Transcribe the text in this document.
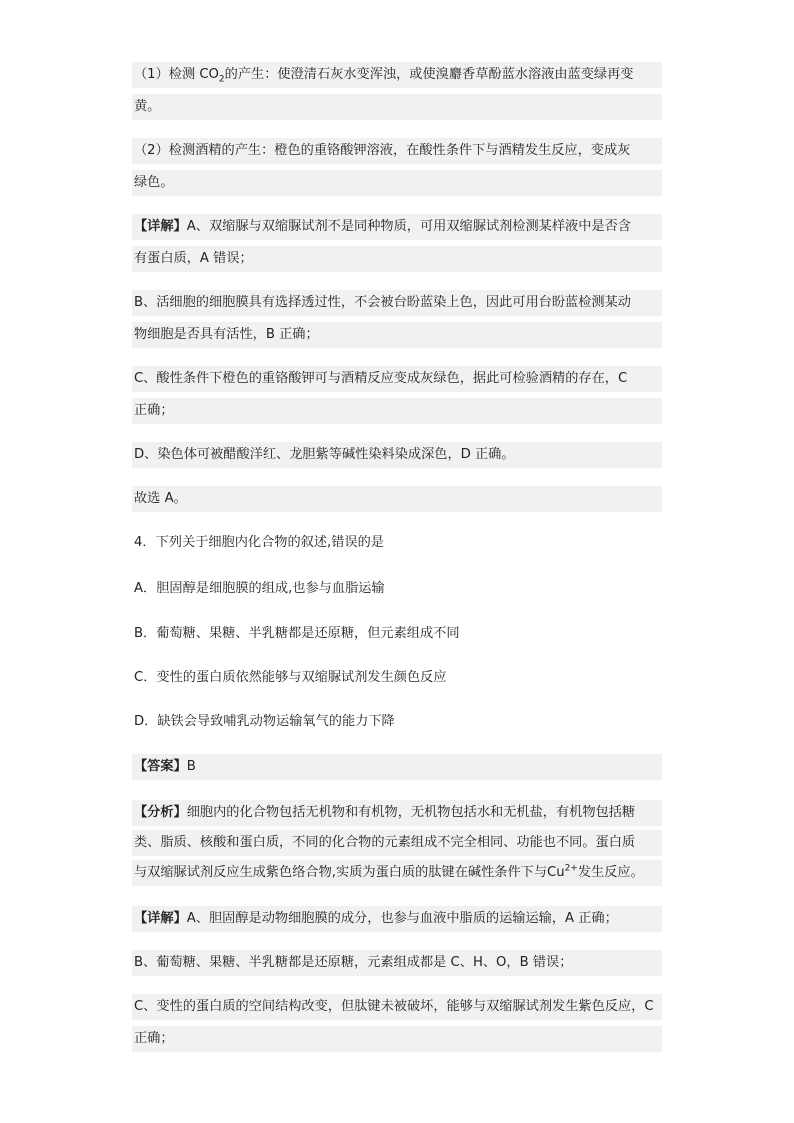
（1）检测 $CO_2$的产生：使澄清石灰水变浑浊，或使溴麝香草酚蓝水溶液由蓝变绿再变
黄。
（2）检测酒精的产生：橙色的重铬酸钾溶液，在酸性条件下与酒精发生反应，变成灰
绿色。
【详解】A、双缩脲与双缩脲试剂不是同种物质，可用双缩脲试剂检测某样液中是否含
有蛋白质，A 错误；
B、活细胞的细胞膜具有选择透过性，不会被台盼蓝染上色，因此可用台盼蓝检测某动
物细胞是否具有活性，B 正确；
C、酸性条件下橙色的重铬酸钾可与酒精反应变成灰绿色，据此可检验酒精的存在，C
正确；
D、染色体可被醋酸洋红、龙胆紫等碱性染料染成深色，D 正确。
故选 A。
4．下列关于细胞内化合物的叙述,错误的是
A．胆固醇是细胞膜的组成,也参与血脂运输
B．葡萄糖、果糖、半乳糖都是还原糖，但元素组成不同
C．变性的蛋白质依然能够与双缩脲试剂发生颜色反应
D．缺铁会导致哺乳动物运输氧气的能力下降
【答案】B
【分析】细胞内的化合物包括无机物和有机物，无机物包括水和无机盐，有机物包括糖
类、脂质、核酸和蛋白质，不同的化合物的元素组成不完全相同、功能也不同。蛋白质
与双缩脲试剂反应生成紫色络合物,实质为蛋白质的肽键在碱性条件下与$Cu^{2+}$发生反应。
【详解】A、胆固醇是动物细胞膜的成分，也参与血液中脂质的运输运输，A 正确；
B、葡萄糖、果糖、半乳糖都是还原糖，元素组成都是 C、H、O，B 错误；
C、变性的蛋白质的空间结构改变，但肽键未被破坏，能够与双缩脲试剂发生紫色反应，C
正确；
